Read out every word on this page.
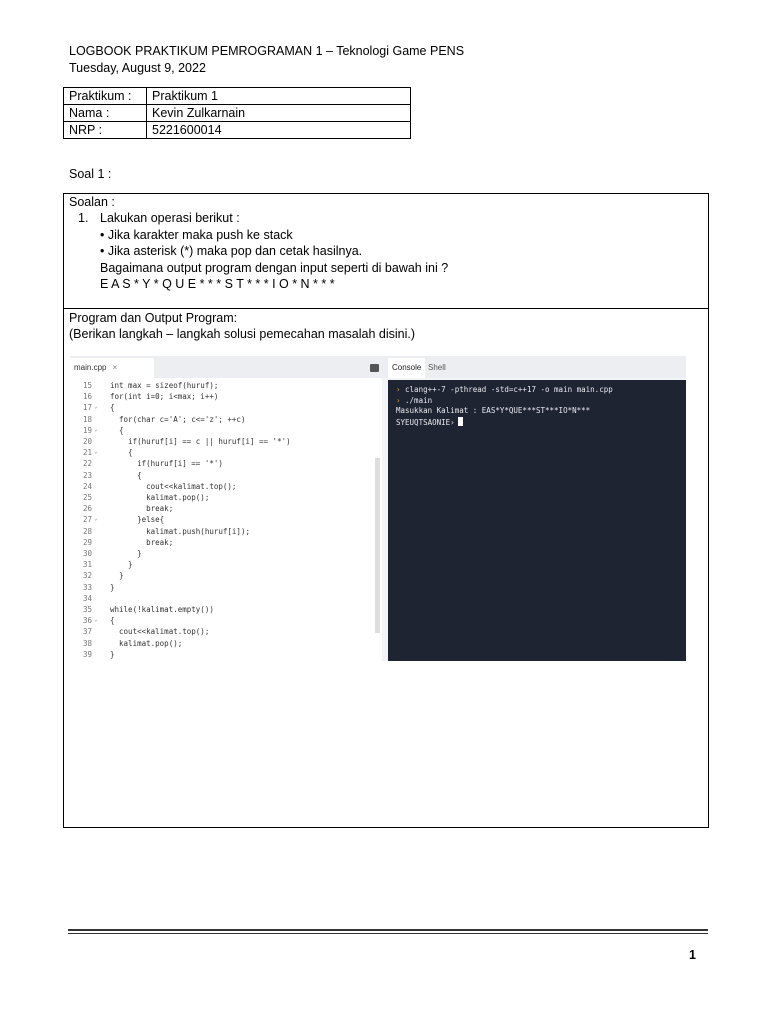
LOGBOOK PRAKTIKUM PEMROGRAMAN 1 – Teknologi Game PENS
Tuesday, August 9, 2022
Praktikum :	Praktikum 1
Nama :	Kevin Zulkarnain
NRP :	5221600014
Soal 1 :
Soalan :
1. Lakukan operasi berikut :
• Jika karakter maka push ke stack
• Jika asterisk (*) maka pop dan cetak hasilnya.
Bagaimana output program dengan input seperti di bawah ini ?
E A S * Y * Q U E * * * S T * * * I O * N * * *
Program dan Output Program:
(Berikan langkah – langkah solusi pemecahan masalah disini.)
main.cpp ×	Console Shell
15 int max = sizeof(huruf);
16 for(int i=0; i<max; i++)
17 ⌄ {
18 for(char c='A'; c<='z'; ++c)
19 ⌄ {
20 if(huruf[i] == c || huruf[i] == '*')
21 ⌄ {
22 if(huruf[i] == '*')
23 {
24 cout<<kalimat.top();
25 kalimat.pop();
26 break;
27 ⌄ }else{
28 kalimat.push(huruf[i]);
29 break;
30 }
31 }
32 }
33 }
34
35 while(!kalimat.empty())
36 ⌄ {
37 cout<<kalimat.top();
38 kalimat.pop();
39 }
› clang++-7 -pthread -std=c++17 -o main main.cpp
› ./main
Masukkan Kalimat : EAS*Y*QUE***ST***IO*N***
SYEUQTSAONIE›
1
